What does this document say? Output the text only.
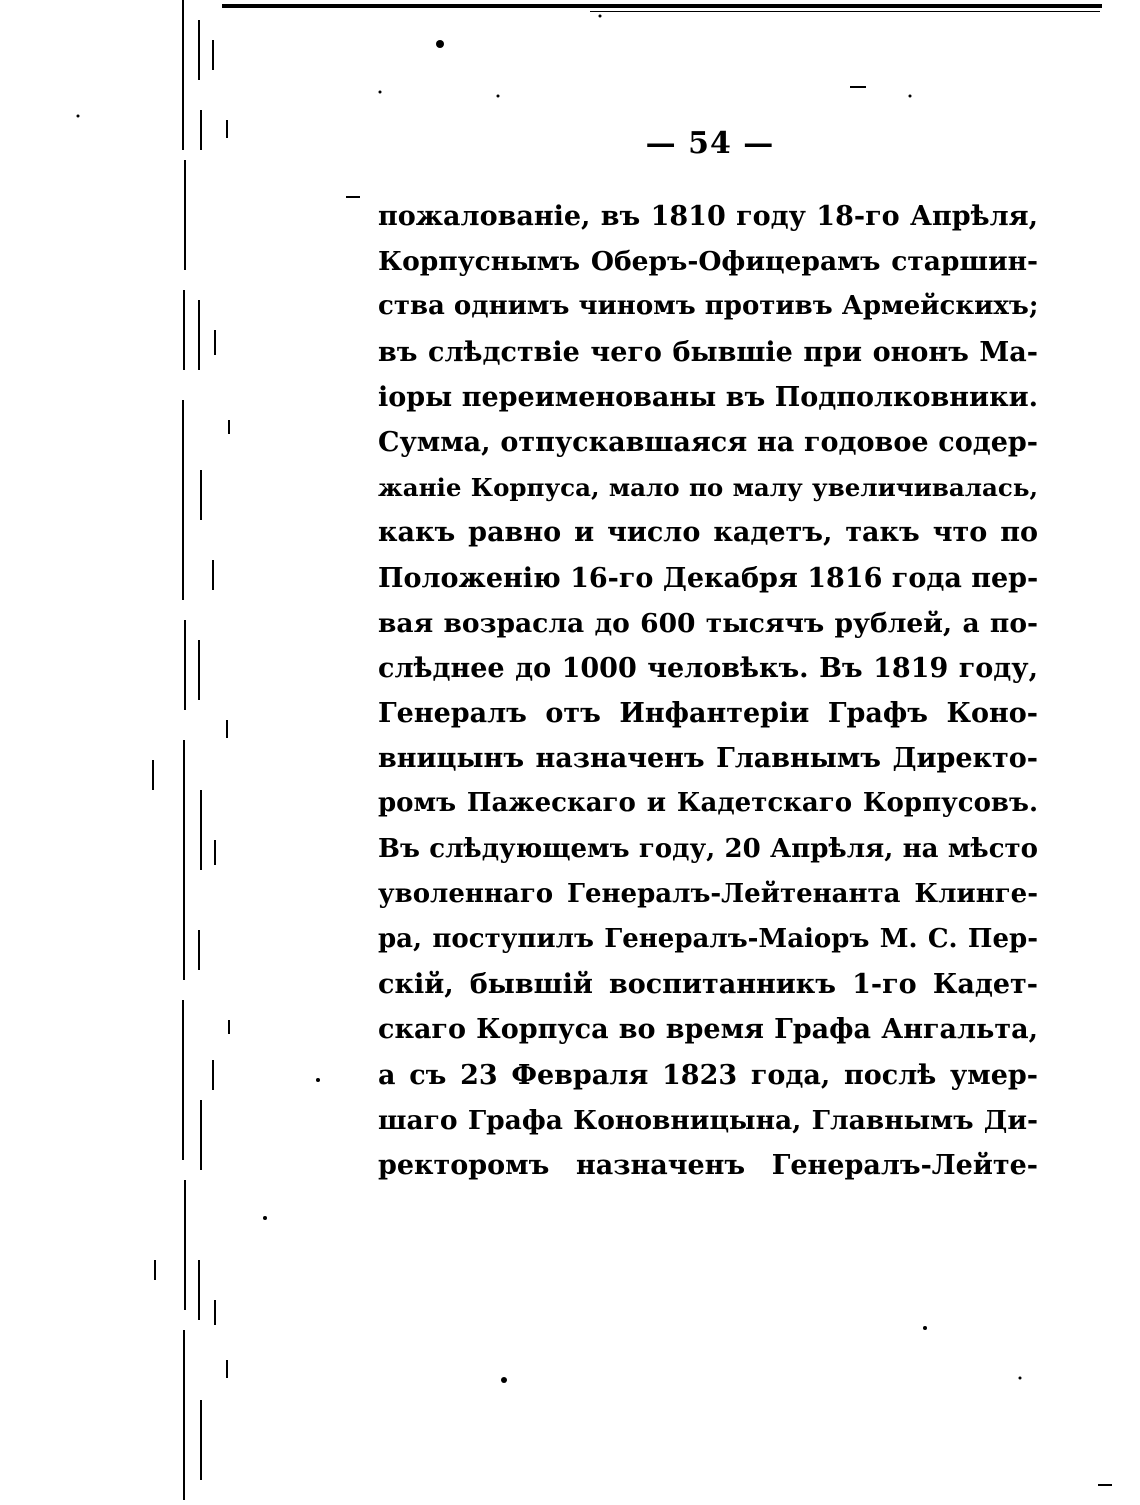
— 54 —
пожалованіе, въ 1810 году 18-го Апрѣля,
Корпуснымъ Оберъ-Офицерамъ старшин-
ства однимъ чиномъ противъ Армейскихъ;
въ слѣдствіе чего бывшіе при ононъ Ма-
іоры переименованы въ Подполковники.
Сумма, отпускавшаяся на годовое содер-
жаніе Корпуса, мало по малу увеличивалась,
какъ равно и число кадетъ, такъ что по
Положенію 16-го Декабря 1816 года пер-
вая возрасла до 600 тысячъ рублей, а по-
слѣднее до 1000 человѣкъ. Въ 1819 году,
Генералъ отъ Инфантеріи Графъ Коно-
вницынъ назначенъ Главнымъ Директо-
ромъ Пажескаго и Кадетскаго Корпусовъ.
Въ слѣдующемъ году, 20 Апрѣля, на мѣсто
уволеннаго Генералъ-Лейтенанта Клинге-
ра, поступилъ Генералъ-Маіоръ М. С. Пер-
скій, бывшій воспитанникъ 1-го Кадет-
скаго Корпуса во время Графа Ангальта,
а съ 23 Февраля 1823 года, послѣ умер-
шаго Графа Коновницына, Главнымъ Ди-
ректоромъ назначенъ Генералъ-Лейте-
